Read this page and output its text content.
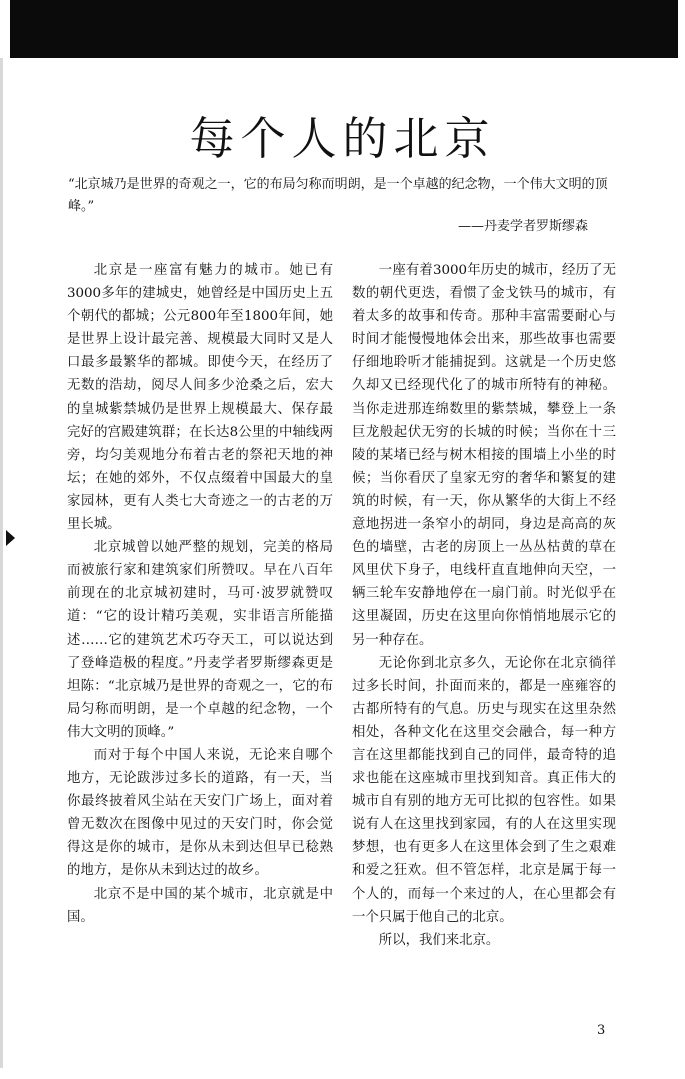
每个人的北京

“北京城乃是世界的奇观之一，它的布局匀称而明朗，是一个卓越的纪念物，一个伟大文明的顶峰。”

——丹麦学者罗斯缪森

北京是一座富有魅力的城市。她已有3000多年的建城史，她曾经是中国历史上五个朝代的都城；公元800年至1800年间，她是世界上设计最完善、规模最大同时又是人口最多最繁华的都城。即使今天，在经历了无数的浩劫，阅尽人间多少沧桑之后，宏大的皇城紫禁城仍是世界上规模最大、保存最完好的宫殿建筑群；在长达8公里的中轴线两旁，均匀美观地分布着古老的祭祀天地的神坛；在她的郊外，不仅点缀着中国最大的皇家园林，更有人类七大奇迹之一的古老的万里长城。

北京城曾以她严整的规划，完美的格局而被旅行家和建筑家们所赞叹。早在八百年前现在的北京城初建时，马可·波罗就赞叹道：“它的设计精巧美观，实非语言所能描述……它的建筑艺术巧夺天工，可以说达到了登峰造极的程度。”丹麦学者罗斯缪森更是坦陈：“北京城乃是世界的奇观之一，它的布局匀称而明朗，是一个卓越的纪念物，一个伟大文明的顶峰。”

而对于每个中国人来说，无论来自哪个地方，无论跋涉过多长的道路，有一天，当你最终披着风尘站在天安门广场上，面对着曾无数次在图像中见过的天安门时，你会觉得这是你的城市，是你从未到达但早已稔熟的地方，是你从未到达过的故乡。

北京不是中国的某个城市，北京就是中国。

一座有着3000年历史的城市，经历了无数的朝代更迭，看惯了金戈铁马的城市，有着太多的故事和传奇。那种丰富需要耐心与时间才能慢慢地体会出来，那些故事也需要仔细地聆听才能捕捉到。这就是一个历史悠久却又已经现代化了的城市所特有的神秘。当你走进那连绵数里的紫禁城，攀登上一条巨龙般起伏无穷的长城的时候；当你在十三陵的某堵已经与树木相接的围墙上小坐的时候；当你看厌了皇家无穷的奢华和繁复的建筑的时候，有一天，你从繁华的大街上不经意地拐进一条窄小的胡同，身边是高高的灰色的墙壁，古老的房顶上一丛丛枯黄的草在风里伏下身子，电线杆直直地伸向天空，一辆三轮车安静地停在一扇门前。时光似乎在这里凝固，历史在这里向你悄悄地展示它的另一种存在。

无论你到北京多久，无论你在北京徜徉过多长时间，扑面而来的，都是一座雍容的古都所特有的气息。历史与现实在这里杂然相处，各种文化在这里交会融合，每一种方言在这里都能找到自己的同伴，最奇特的追求也能在这座城市里找到知音。真正伟大的城市自有别的地方无可比拟的包容性。如果说有人在这里找到家园，有的人在这里实现梦想，也有更多人在这里体会到了生之艰难和爱之狂欢。但不管怎样，北京是属于每一个人的，而每一个来过的人，在心里都会有一个只属于他自己的北京。

所以，我们来北京。

3
